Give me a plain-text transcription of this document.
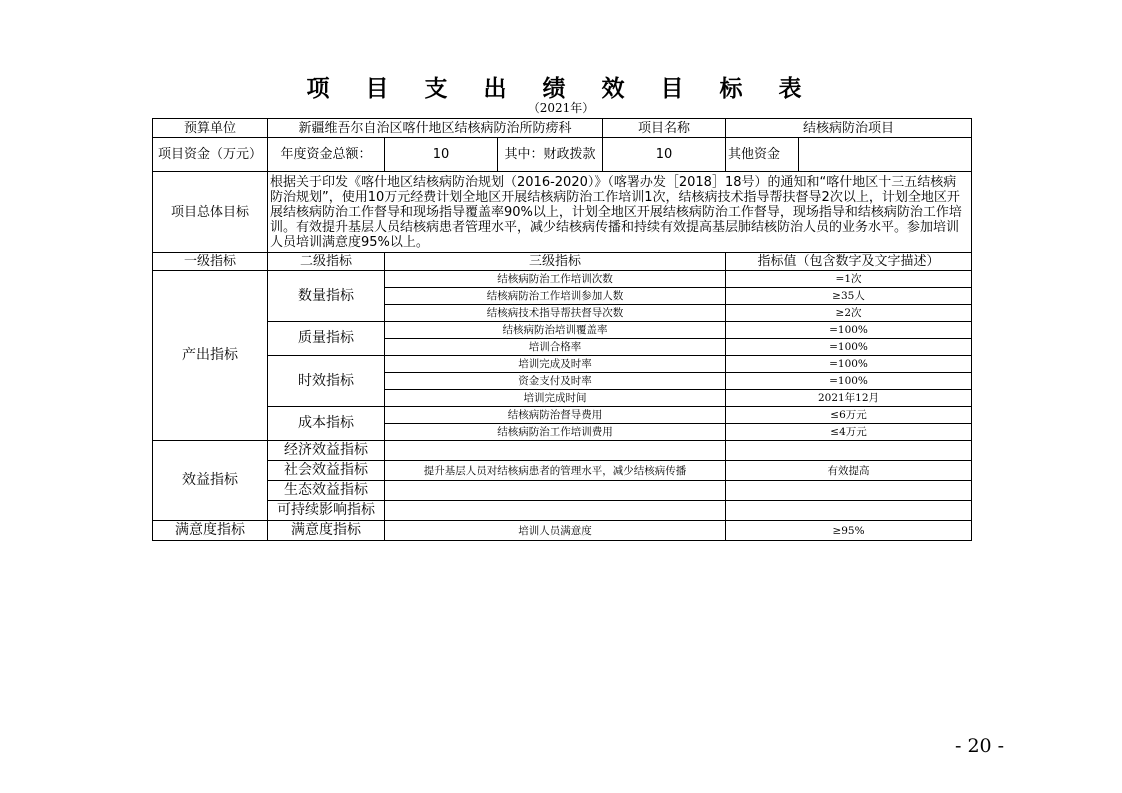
项 目 支 出 绩 效 目 标 表
（2021年）
预算单位	新疆维吾尔自治区喀什地区结核病防治所防痨科			项目名称	结核病防治项目	
项目资金（万元）	年度资金总额：	10	其中：财政拨款	10	其他资金	
项目总体目标	根据关于印发《喀什地区结核病防治规划（2016-2020）》（喀署办发［2018］18号）的通知和“喀什地区十三五结核病防治规划”，使用10万元经费计划全地区开展结核病防治工作培训1次，结核病技术指导帮扶督导2次以上，计划全地区开展结核病防治工作督导和现场指导覆盖率90%以上，计划全地区开展结核病防治工作督导，现场指导和结核病防治工作培训。有效提升基层人员结核病患者管理水平，减少结核病传播和持续有效提高基层肺结核防治人员的业务水平。参加培训人员培训满意度95%以上。					
一级指标	二级指标	三级指标			指标值（包含数字及文字描述）	
产出指标	数量指标	结核病防治工作培训次数			=1次	
		结核病防治工作培训参加人数			≥35人	
		结核病技术指导帮扶督导次数			≥2次	
	质量指标	结核病防治培训覆盖率			=100%	
		培训合格率			=100%	
	时效指标	培训完成及时率			=100%	
		资金支付及时率			=100%	
		培训完成时间			2021年12月	
	成本指标	结核病防治督导费用			≤6万元	
		结核病防治工作培训费用			≤4万元	
效益指标	经济效益指标					
	社会效益指标	提升基层人员对结核病患者的管理水平，减少结核病传播			有效提高	
	生态效益指标					
	可持续影响指标					
满意度指标	满意度指标	培训人员满意度			≥95%	
- 20 -
